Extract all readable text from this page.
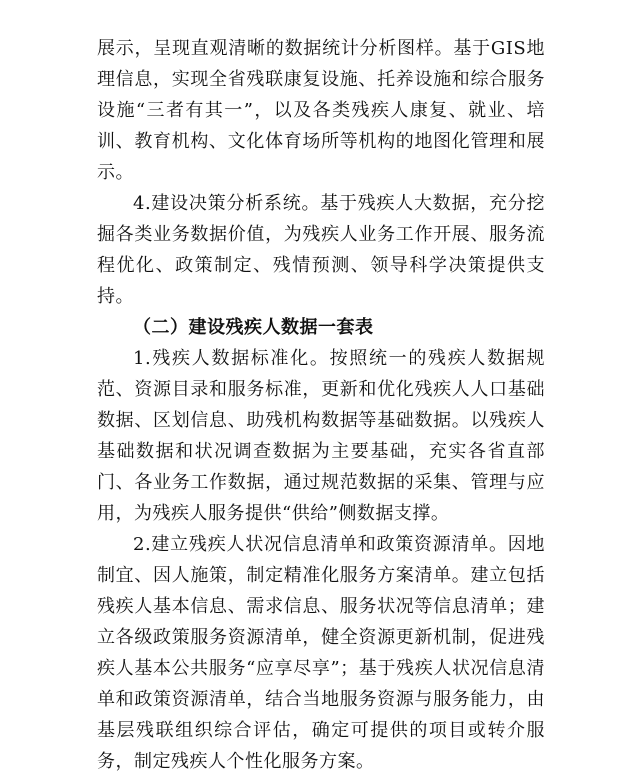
展示，呈现直观清晰的数据统计分析图样。基于GIS地理信息，实现全省残联康复设施、托养设施和综合服务设施“三者有其一”，以及各类残疾人康复、就业、培训、教育机构、文化体育场所等机构的地图化管理和展示。

4.建设决策分析系统。基于残疾人大数据，充分挖掘各类业务数据价值，为残疾人业务工作开展、服务流程优化、政策制定、残情预测、领导科学决策提供支持。

（二）建设残疾人数据一套表

1.残疾人数据标准化。按照统一的残疾人数据规范、资源目录和服务标准，更新和优化残疾人人口基础数据、区划信息、助残机构数据等基础数据。以残疾人基础数据和状况调查数据为主要基础，充实各省直部门、各业务工作数据，通过规范数据的采集、管理与应用，为残疾人服务提供“供给”侧数据支撑。

2.建立残疾人状况信息清单和政策资源清单。因地制宜、因人施策，制定精准化服务方案清单。建立包括残疾人基本信息、需求信息、服务状况等信息清单；建立各级政策服务资源清单，健全资源更新机制，促进残疾人基本公共服务“应享尽享”；基于残疾人状况信息清单和政策资源清单，结合当地服务资源与服务能力，由基层残联组织综合评估，确定可提供的项目或转介服务，制定残疾人个性化服务方案。
